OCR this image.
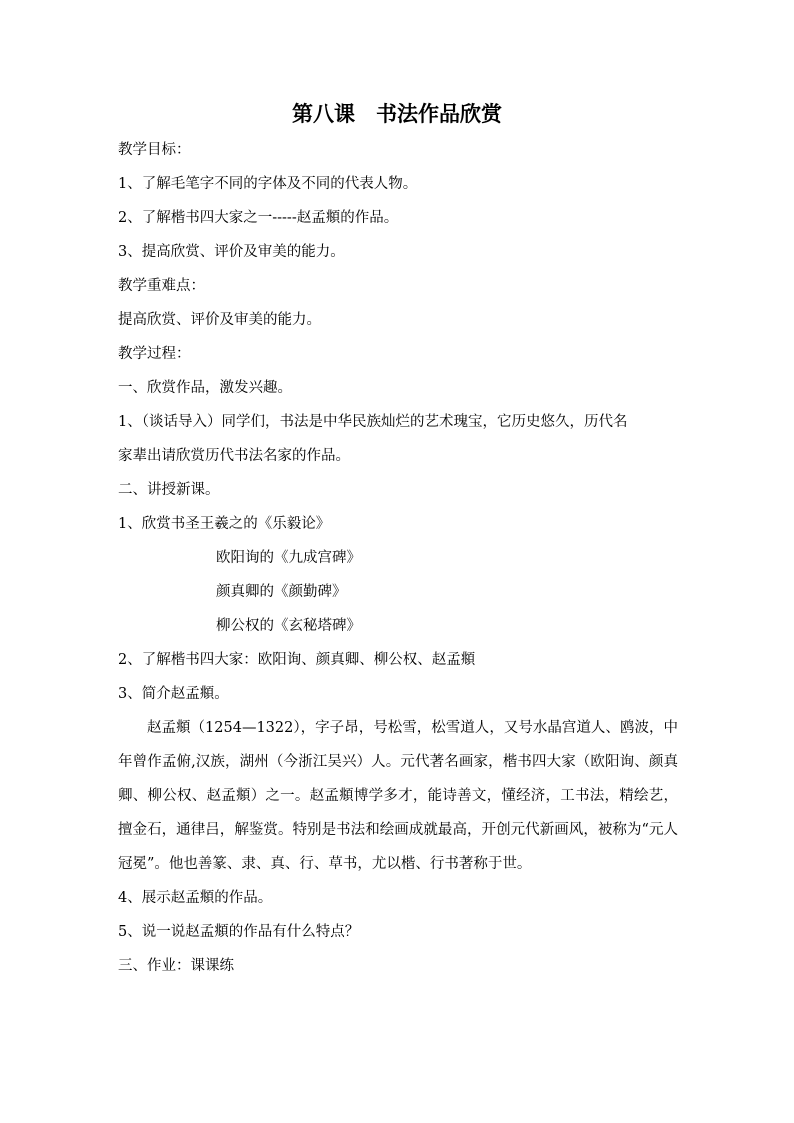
第八课　书法作品欣赏
教学目标：
1、了解毛笔字不同的字体及不同的代表人物。
2、了解楷书四大家之一-----赵孟頫的作品。
3、提高欣赏、评价及审美的能力。
教学重难点：
提高欣赏、评价及审美的能力。
教学过程：
一、欣赏作品，激发兴趣。
1、（谈话导入）同学们，书法是中华民族灿烂的艺术瑰宝，它历史悠久，历代名
家辈出请欣赏历代书法名家的作品。
二、讲授新课。
1、欣赏书圣王羲之的《乐毅论》
欧阳询的《九成宫碑》
颜真卿的《颜勤碑》
柳公权的《玄秘塔碑》
2、了解楷书四大家：欧阳询、颜真卿、柳公权、赵孟頫
3、简介赵孟頫。

赵孟頫（1254—1322），字子昂，号松雪，松雪道人，又号水晶宫道人、鸥波，中年曾作孟俯,汉族，湖州（今浙江吴兴）人。元代著名画家，楷书四大家（欧阳询、颜真卿、柳公权、赵孟頫）之一。赵孟頫博学多才，能诗善文，懂经济，工书法，精绘艺，擅金石，通律吕，解鉴赏。特别是书法和绘画成就最高，开创元代新画风，被称为“元人冠冕”。他也善篆、隶、真、行、草书，尤以楷、行书著称于世。

4、展示赵孟頫的作品。
5、说一说赵孟頫的作品有什么特点？
三、作业：课课练
